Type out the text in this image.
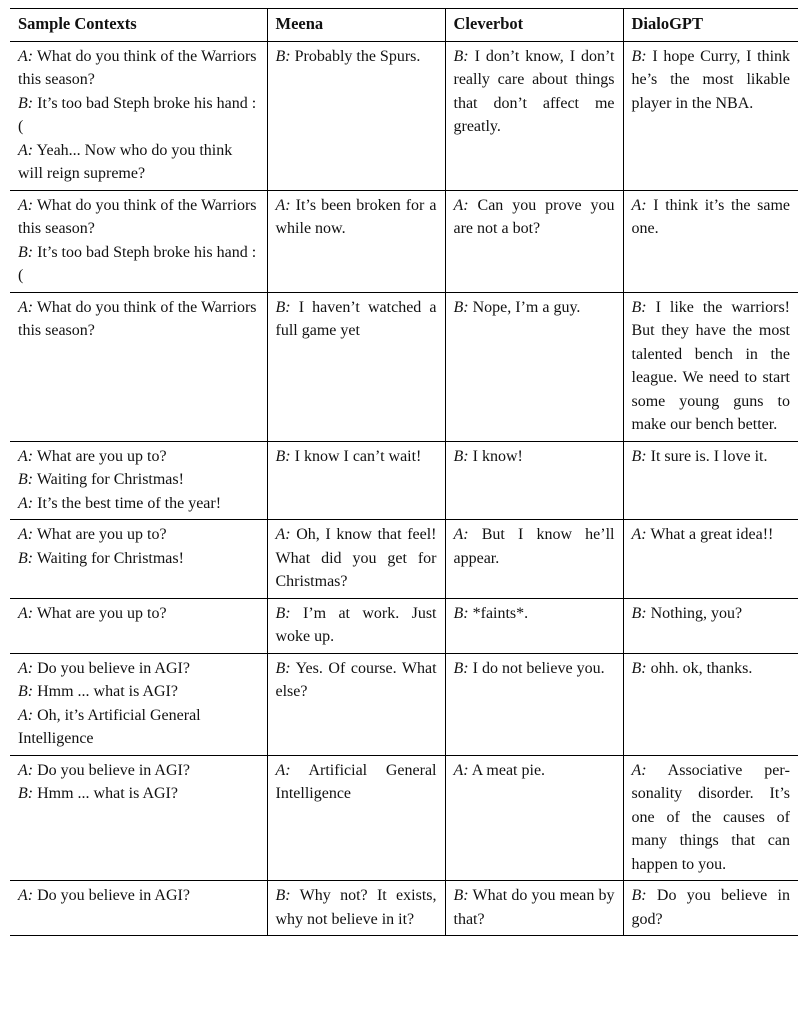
Sample Contexts	Meena	Cleverbot	DialoGPT

A: What do you think of the Warriors this season?
B: It’s too bad Steph broke his hand :(
A: Yeah... Now who do you think will reign supreme?	B: Probably the Spurs.	B: I don’t know, I don’t really care about things that don’t affect me greatly.	B: I hope Curry, I think he’s the most likable player in the NBA.

A: What do you think of the Warriors this season?
B: It’s too bad Steph broke his hand :(	A: It’s been broken for a while now.	A: Can you prove you are not a bot?	A: I think it’s the same one.

A: What do you think of the Warriors this season?	B: I haven’t watched a full game yet	B: Nope, I’m a guy.	B: I like the warriors! But they have the most talented bench in the league. We need to start some young guns to make our bench better.

A: What are you up to?
B: Waiting for Christmas!
A: It’s the best time of the year!	B: I know I can’t wait!	B: I know!	B: It sure is. I love it.

A: What are you up to?
B: Waiting for Christmas!	A: Oh, I know that feel! What did you get for Christmas?	A: But I know he’ll appear.	A: What a great idea!!

A: What are you up to?	B: I’m at work. Just woke up.	B: *faints*.	B: Nothing, you?

A: Do you believe in AGI?
B: Hmm ... what is AGI?
A: Oh, it’s Artificial General Intelligence	B: Yes. Of course. What else?	B: I do not believe you.	B: ohh. ok, thanks.

A: Do you believe in AGI?
B: Hmm ... what is AGI?	A: Artificial General Intelligence	A: A meat pie.	A: Associative personality disorder. It’s one of the causes of many things that can happen to you.

A: Do you believe in AGI?	B: Why not? It exists, why not believe in it?	B: What do you mean by that?	B: Do you believe in god?
